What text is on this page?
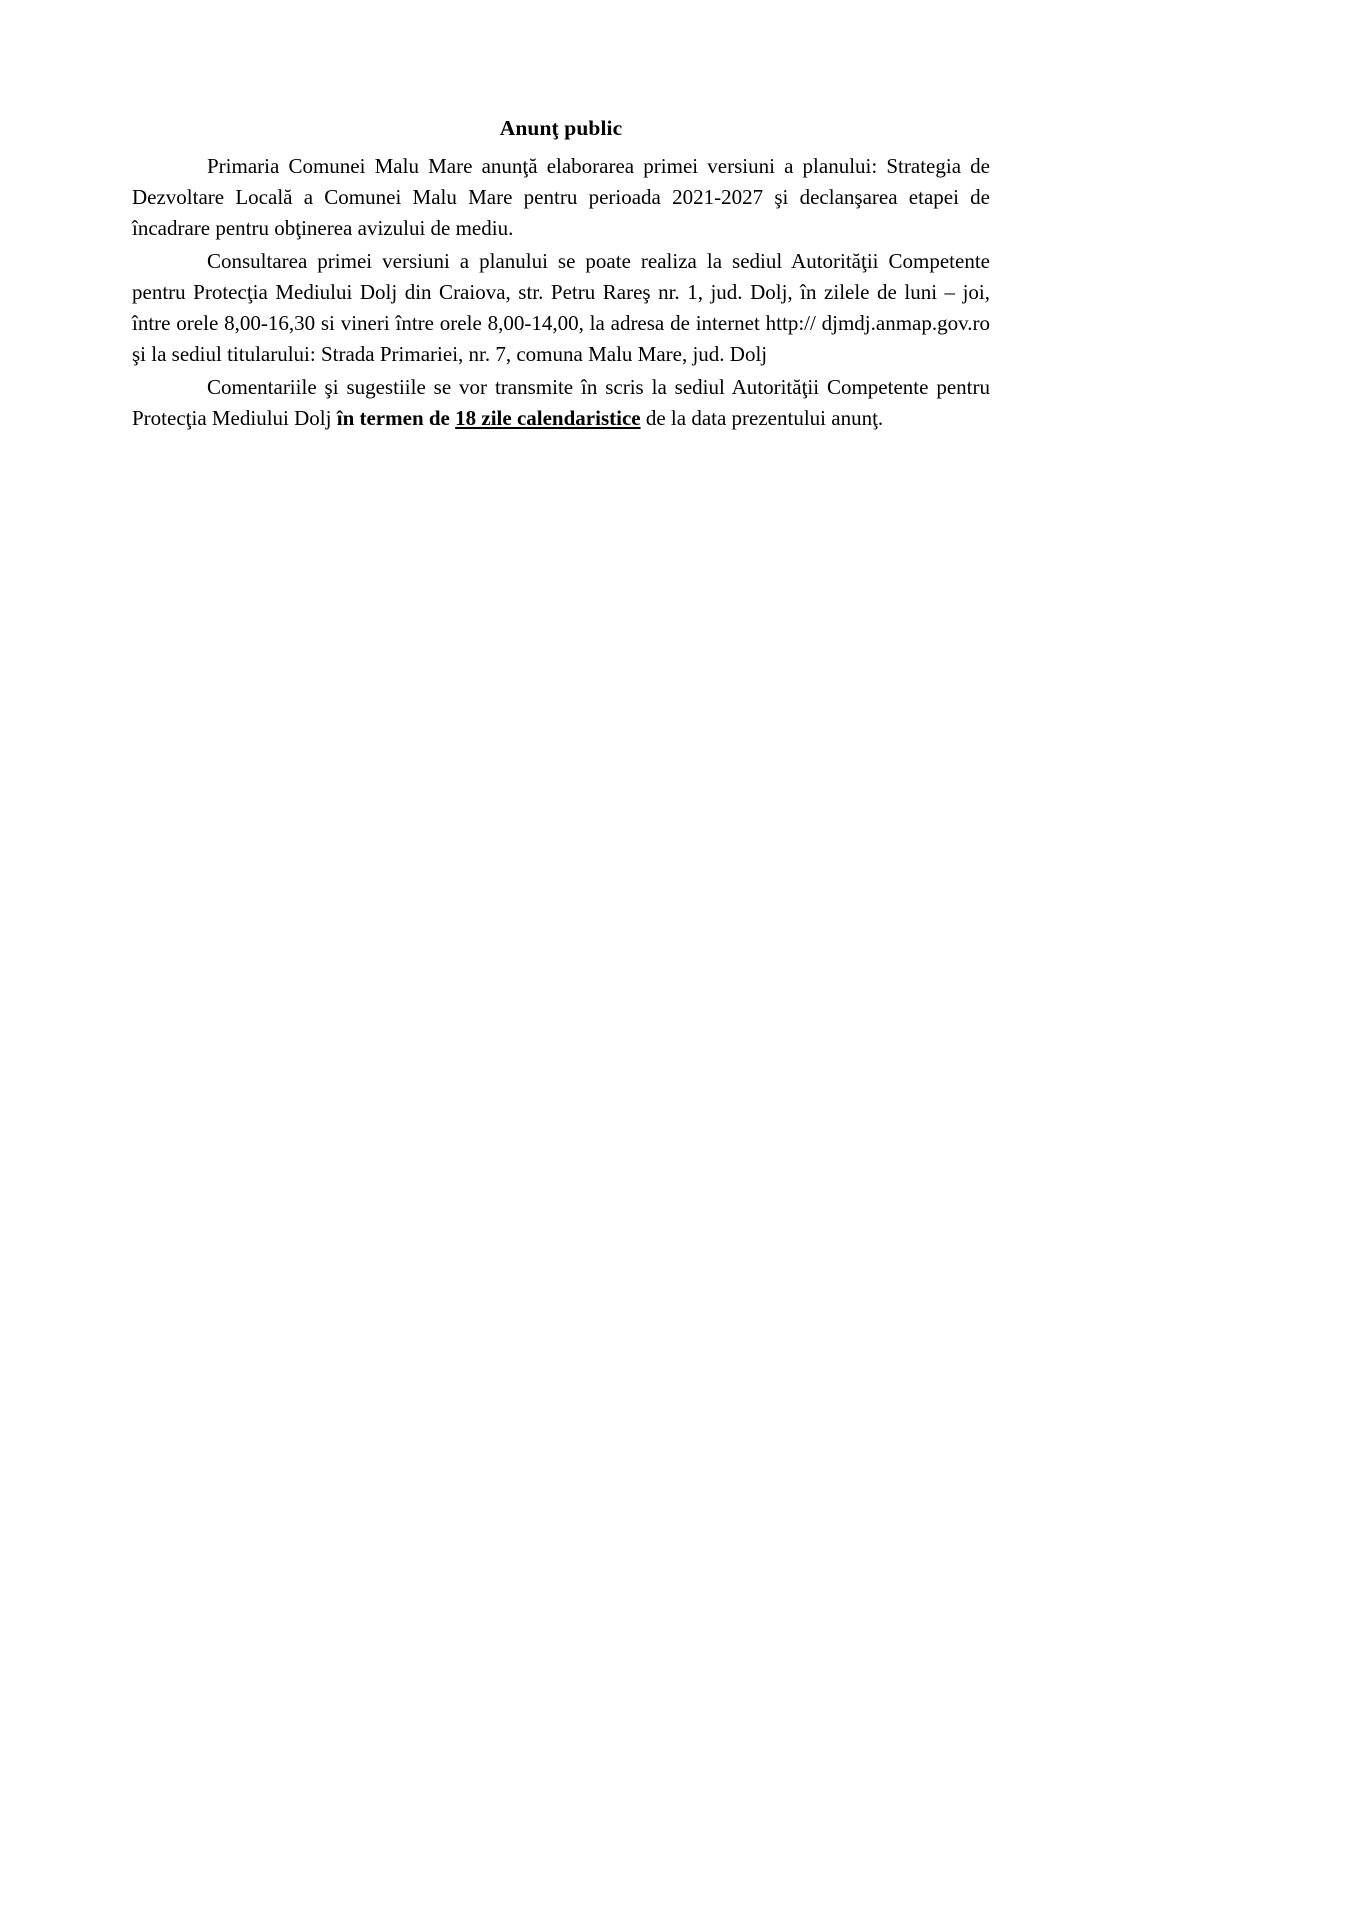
Anunţ public

Primaria Comunei Malu Mare anunţă elaborarea primei versiuni a planului: Strategia de Dezvoltare Locală a Comunei Malu Mare pentru perioada 2021-2027 şi declanşarea etapei de încadrare pentru obţinerea avizului de mediu.

Consultarea primei versiuni a planului se poate realiza la sediul Autorităţii Competente pentru Protecţia Mediului Dolj din Craiova, str. Petru Rareş nr. 1, jud. Dolj, în zilele de luni – joi, între orele 8,00-16,30 si vineri între orele 8,00-14,00, la adresa de internet http:// djmdj.anmap.gov.ro şi la sediul titularului: Strada Primariei, nr. 7, comuna Malu Mare, jud. Dolj

Comentariile şi sugestiile se vor transmite în scris la sediul Autorităţii Competente pentru Protecţia Mediului Dolj în termen de 18 zile calendaristice de la data prezentului anunţ.
